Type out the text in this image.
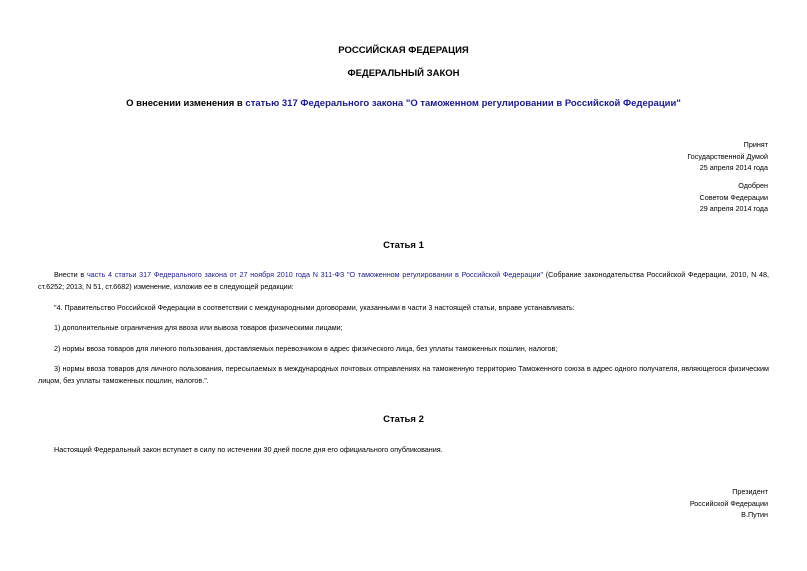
РОССИЙСКАЯ ФЕДЕРАЦИЯ
ФЕДЕРАЛЬНЫЙ ЗАКОН
О внесении изменения в статью 317 Федерального закона "О таможенном регулировании в Российской Федерации"
Принят
Государственной Думой
25 апреля 2014 года
Одобрен
Советом Федерации
29 апреля 2014 года
Статья 1
Внести в часть 4 статьи 317 Федерального закона от 27 ноября 2010 года N 311-ФЗ "О таможенном регулировании в Российской Федерации" (Собрание законодательства Российской Федерации, 2010, N 48, ст.6252; 2013, N 51, ст.6682) изменение, изложив ее в следующей редакции:
"4. Правительство Российской Федерации в соответствии с международными договорами, указанными в части 3 настоящей статьи, вправе устанавливать:
1) дополнительные ограничения для ввоза или вывоза товаров физическими лицами;
2) нормы ввоза товаров для личного пользования, доставляемых перевозчиком в адрес физического лица, без уплаты таможенных пошлин, налогов;
3) нормы ввоза товаров для личного пользования, пересылаемых в международных почтовых отправлениях на таможенную территорию Таможенного союза в адрес одного получателя, являющегося физическим лицом, без уплаты таможенных пошлин, налогов.".
Статья 2
Настоящий Федеральный закон вступает в силу по истечении 30 дней после дня его официального опубликования.
Президент
Российской Федерации
В.Путин
